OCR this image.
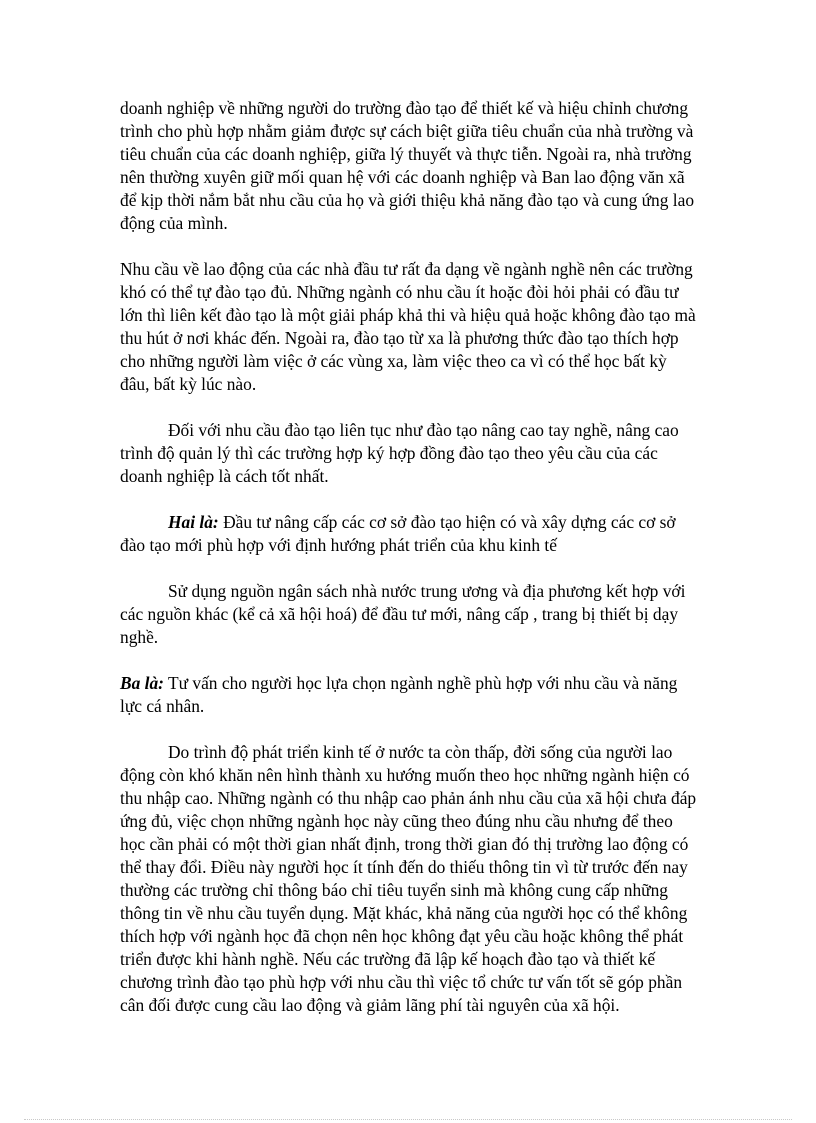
doanh nghiệp về những người do trường đào tạo để thiết kế và hiệu chỉnh chương trình cho phù hợp nhằm giảm được sự cách biệt giữa tiêu chuẩn của nhà trường và tiêu chuẩn của các doanh nghiệp, giữa lý thuyết và thực tiễn. Ngoài ra, nhà trường nên thường xuyên giữ mối quan hệ với các doanh nghiệp và Ban lao động văn xã để kịp thời nắm bắt nhu cầu của họ và giới thiệu khả năng đào tạo và cung ứng lao động của mình.

Nhu cầu về lao động của các nhà đầu tư rất đa dạng về ngành nghề nên các trường khó có thể tự đào tạo đủ. Những ngành có nhu cầu ít hoặc đòi hỏi phải có đầu tư lớn thì liên kết đào tạo là một giải pháp khả thi và hiệu quả hoặc không đào tạo mà thu hút ở nơi khác đến. Ngoài ra, đào tạo từ xa là phương thức đào tạo thích hợp cho những người làm việc ở các vùng xa, làm việc theo ca vì có thể học bất kỳ đâu, bất kỳ lúc nào.

Đối với nhu cầu đào tạo liên tục như đào tạo nâng cao tay nghề, nâng cao trình độ quản lý thì các trường hợp ký hợp đồng đào tạo theo yêu cầu của các doanh nghiệp là cách tốt nhất.

Hai là: Đầu tư nâng cấp các cơ sở đào tạo hiện có và xây dựng các cơ sở đào tạo mới phù hợp với định hướng phát triển của khu kinh tế

Sử dụng nguồn ngân sách nhà nước trung ương và địa phương kết hợp với các nguồn khác (kể cả xã hội hoá) để đầu tư mới, nâng cấp , trang bị thiết bị dạy nghề.

Ba là: Tư vấn cho người học lựa chọn ngành nghề phù hợp với nhu cầu và năng lực cá nhân.

Do trình độ phát triển kinh tế ở nước ta còn thấp, đời sống của người lao động còn khó khăn nên hình thành xu hướng muốn theo học những ngành hiện có thu nhập cao. Những ngành có thu nhập cao phản ánh nhu cầu của xã hội chưa đáp ứng đủ, việc chọn những ngành học này cũng theo đúng nhu cầu nhưng để theo học cần phải có một thời gian nhất định, trong thời gian đó thị trường lao động có thể thay đổi. Điều này người học ít tính đến do thiếu thông tin vì từ trước đến nay thường các trường chỉ thông báo chỉ tiêu tuyển sinh mà không cung cấp những thông tin về nhu cầu tuyển dụng. Mặt khác, khả năng của người học có thể không thích hợp với ngành học đã chọn nên học không đạt yêu cầu hoặc không thể phát triển được khi hành nghề. Nếu các trường đã lập kế hoạch đào tạo và thiết kế chương trình đào tạo phù hợp với nhu cầu thì việc tổ chức tư vấn tốt sẽ góp phần cân đối được cung cầu lao động và giảm lãng phí tài nguyên của xã hội.
